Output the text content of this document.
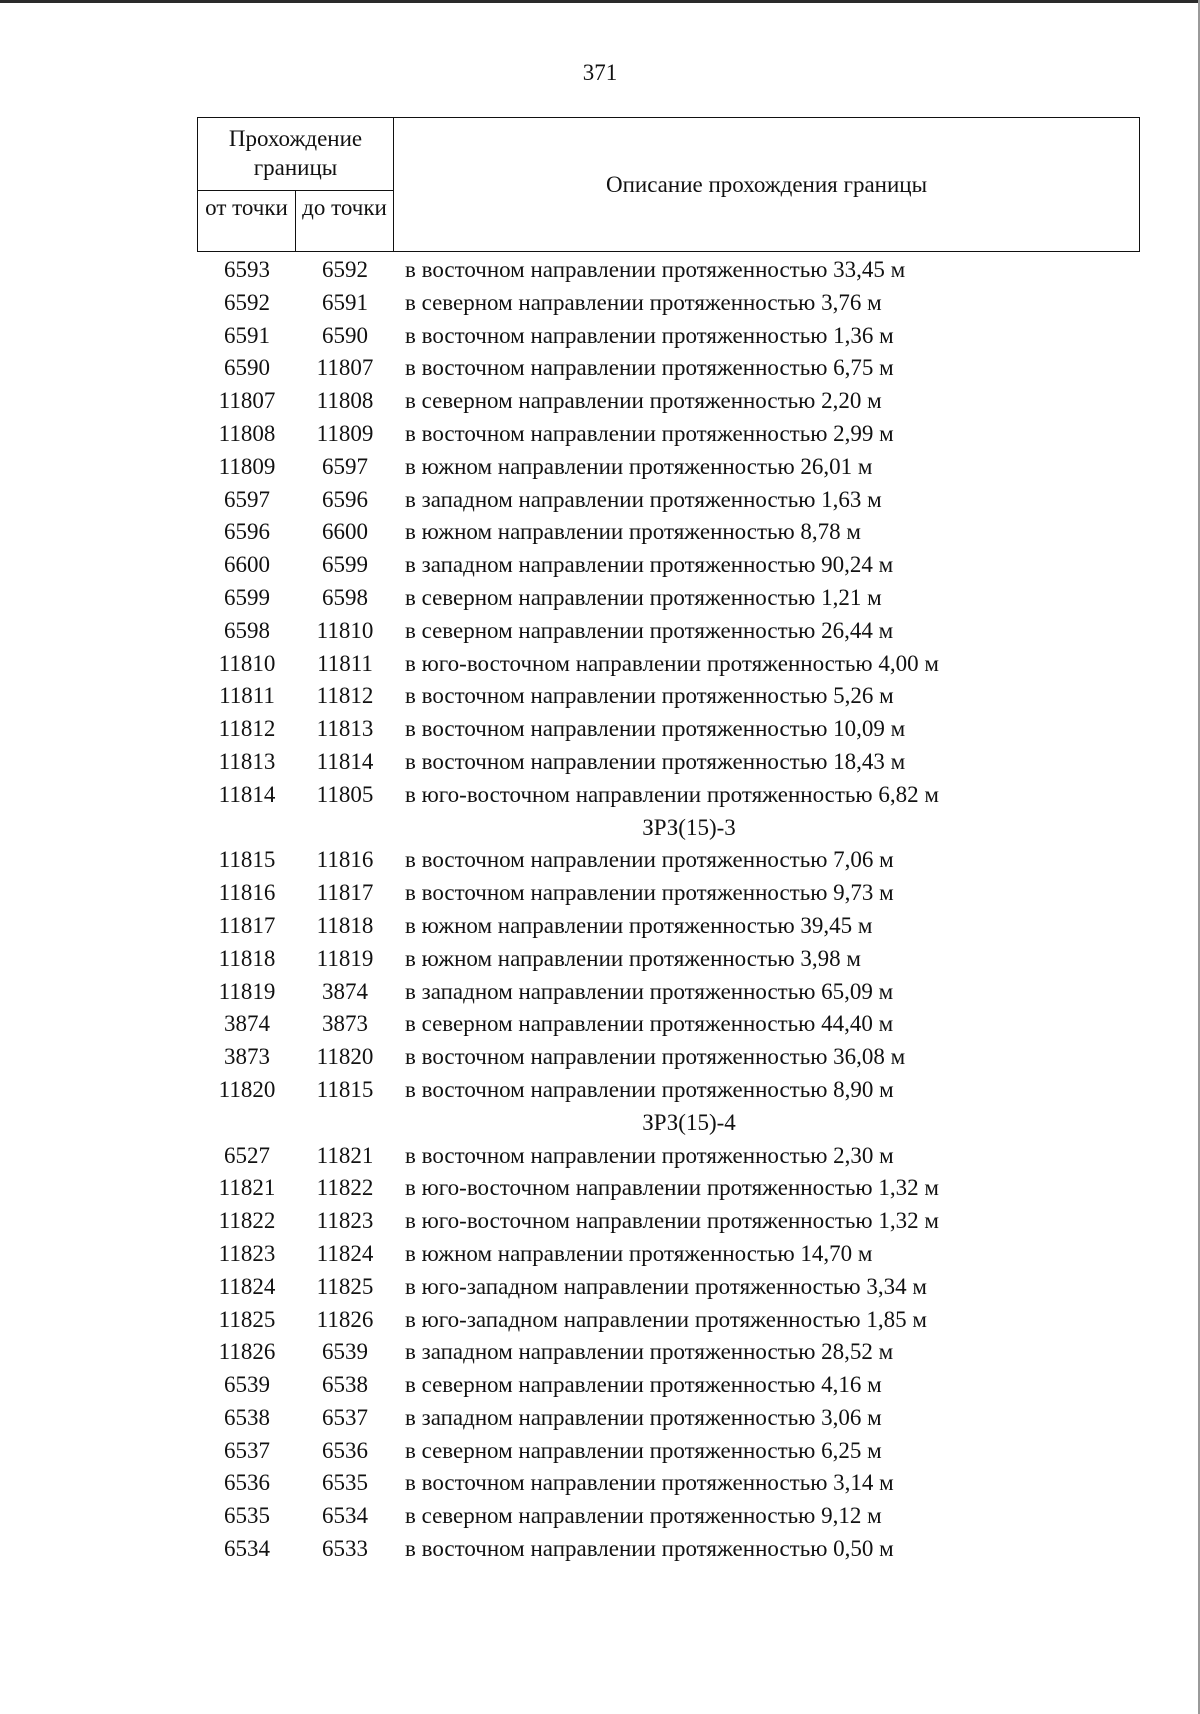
371
Прохождение границы
от точки до точки
Описание прохождения границы
6593	6592	в восточном направлении протяженностью 33,45 м
6592	6591	в северном направлении протяженностью 3,76 м
6591	6590	в восточном направлении протяженностью 1,36 м
6590	11807	в восточном направлении протяженностью 6,75 м
11807	11808	в северном направлении протяженностью 2,20 м
11808	11809	в восточном направлении протяженностью 2,99 м
11809	6597	в южном направлении протяженностью 26,01 м
6597	6596	в западном направлении протяженностью 1,63 м
6596	6600	в южном направлении протяженностью 8,78 м
6600	6599	в западном направлении протяженностью 90,24 м
6599	6598	в северном направлении протяженностью 1,21 м
6598	11810	в северном направлении протяженностью 26,44 м
11810	11811	в юго-восточном направлении протяженностью 4,00 м
11811	11812	в восточном направлении протяженностью 5,26 м
11812	11813	в восточном направлении протяженностью 10,09 м
11813	11814	в восточном направлении протяженностью 18,43 м
11814	11805	в юго-восточном направлении протяженностью 6,82 м
ЗРЗ(15)-3
11815	11816	в восточном направлении протяженностью 7,06 м
11816	11817	в восточном направлении протяженностью 9,73 м
11817	11818	в южном направлении протяженностью 39,45 м
11818	11819	в южном направлении протяженностью 3,98 м
11819	3874	в западном направлении протяженностью 65,09 м
3874	3873	в северном направлении протяженностью 44,40 м
3873	11820	в восточном направлении протяженностью 36,08 м
11820	11815	в восточном направлении протяженностью 8,90 м
ЗРЗ(15)-4
6527	11821	в восточном направлении протяженностью 2,30 м
11821	11822	в юго-восточном направлении протяженностью 1,32 м
11822	11823	в юго-восточном направлении протяженностью 1,32 м
11823	11824	в южном направлении протяженностью 14,70 м
11824	11825	в юго-западном направлении протяженностью 3,34 м
11825	11826	в юго-западном направлении протяженностью 1,85 м
11826	6539	в западном направлении протяженностью 28,52 м
6539	6538	в северном направлении протяженностью 4,16 м
6538	6537	в западном направлении протяженностью 3,06 м
6537	6536	в северном направлении протяженностью 6,25 м
6536	6535	в восточном направлении протяженностью 3,14 м
6535	6534	в северном направлении протяженностью 9,12 м
6534	6533	в восточном направлении протяженностью 0,50 м
